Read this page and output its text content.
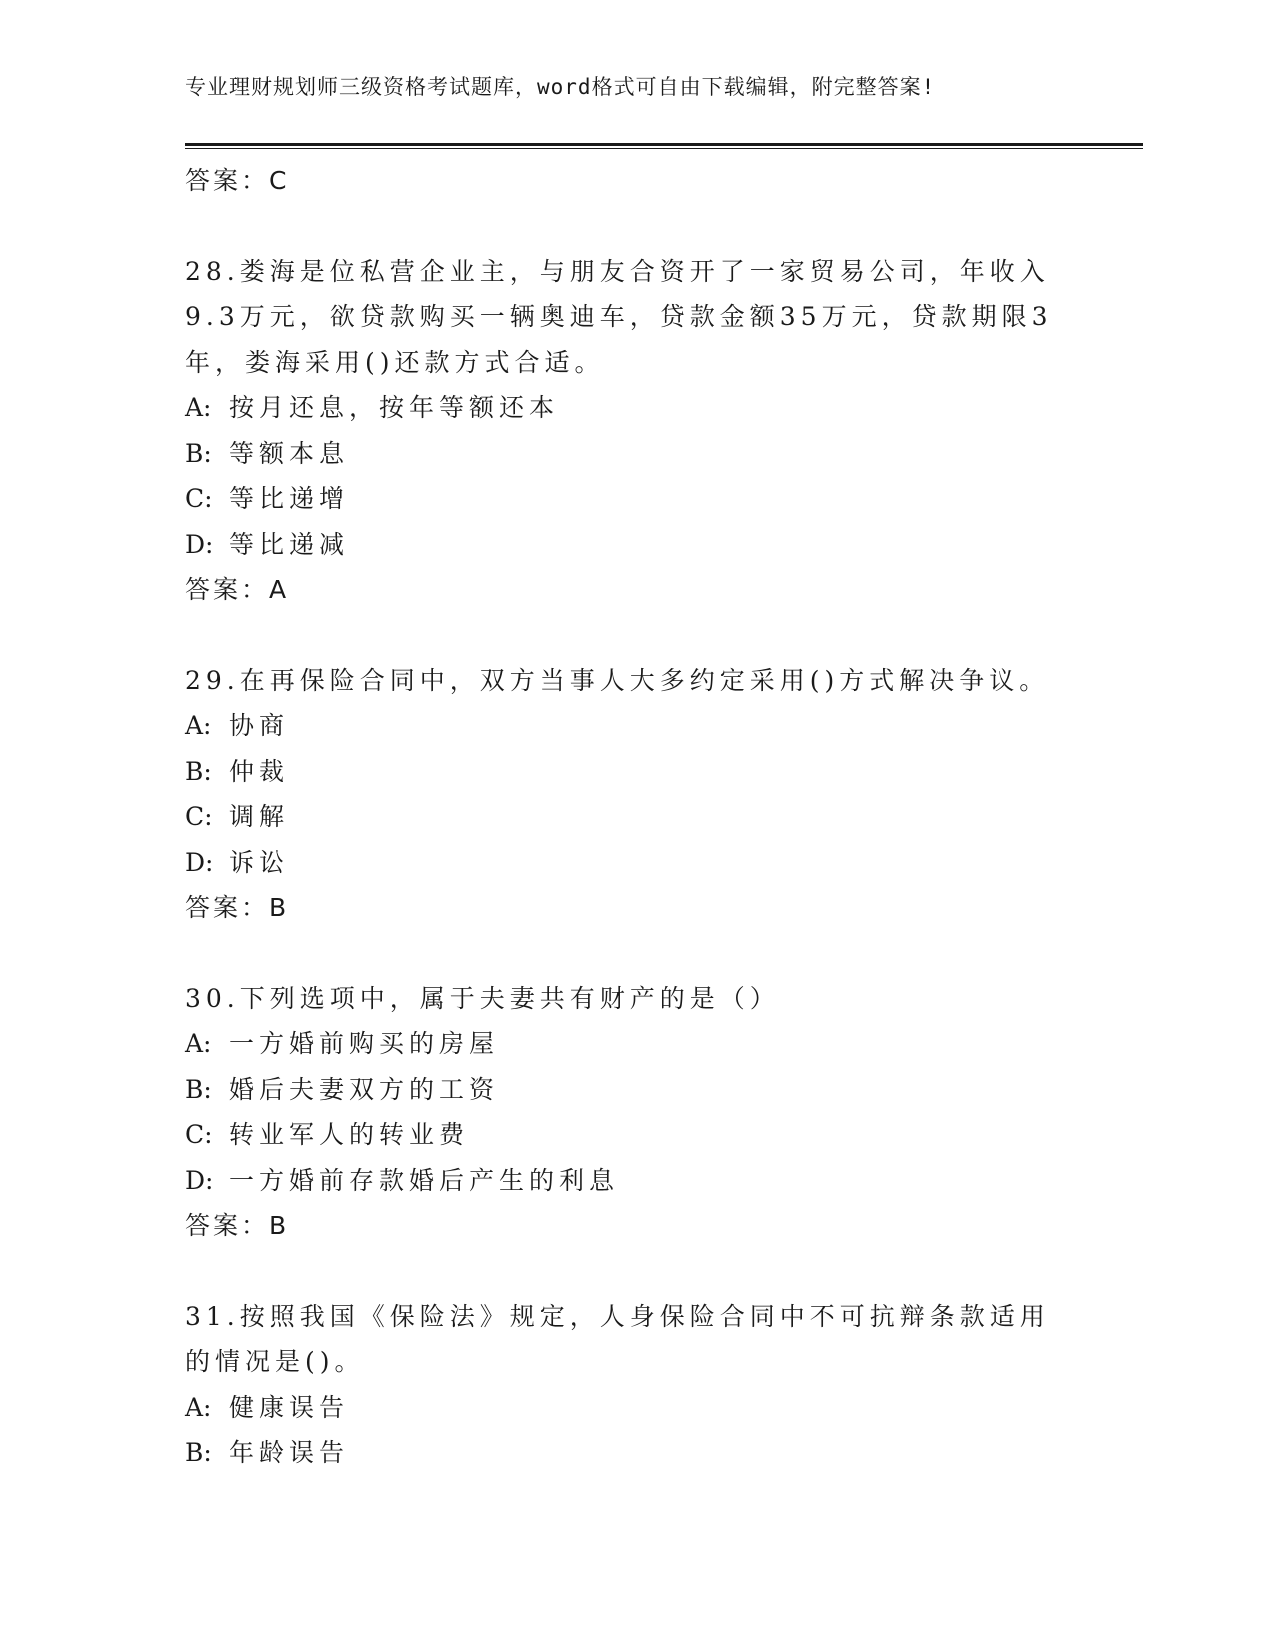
专业理财规划师三级资格考试题库，word格式可自由下载编辑，附完整答案!
答案：C
28.娄海是位私营企业主，与朋友合资开了一家贸易公司，年收入9.3万元，欲贷款购买一辆奥迪车，贷款金额35万元，贷款期限3年，娄海采用()还款方式合适。
A: 按月还息，按年等额还本
B: 等额本息
C: 等比递增
D: 等比递减
答案：A
29.在再保险合同中，双方当事人大多约定采用()方式解决争议。
A: 协商
B: 仲裁
C: 调解
D: 诉讼
答案：B
30.下列选项中，属于夫妻共有财产的是（）
A: 一方婚前购买的房屋
B: 婚后夫妻双方的工资
C: 转业军人的转业费
D: 一方婚前存款婚后产生的利息
答案：B
31.按照我国《保险法》规定，人身保险合同中不可抗辩条款适用的情况是()。
A: 健康误告
B: 年龄误告
